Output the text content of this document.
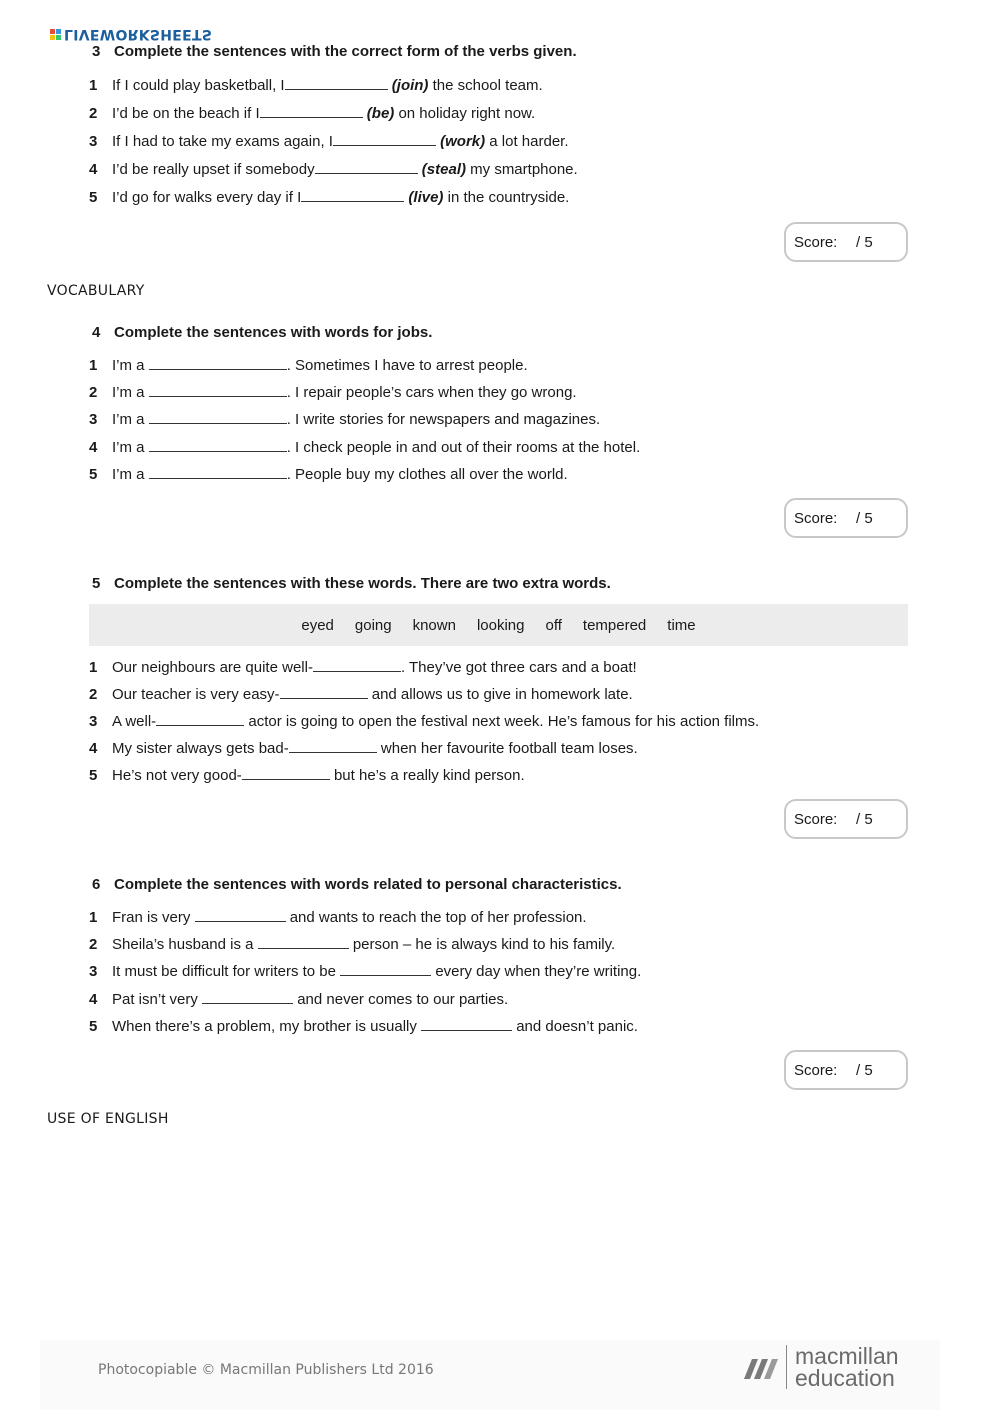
LIVEWORKSHEETS
3 Complete the sentences with the correct form of the verbs given.
1 If I could play basketball, I	(join) the school team.
2 I’d be on the beach if I	(be) on holiday right now.
3 If I had to take my exams again, I	(work) a lot harder.
4 I’d be really upset if somebody	(steal) my smartphone.
5 I’d go for walks every day if I	(live) in the countryside.
Score:	/ 5
VOCABULARY
4 Complete the sentences with words for jobs.
1 I’m a	. Sometimes I have to arrest people.
2 I’m a	. I repair people’s cars when they go wrong.
3 I’m a	. I write stories for newspapers and magazines.
4 I’m a	. I check people in and out of their rooms at the hotel.
5 I’m a	. People buy my clothes all over the world.
Score:	/ 5
5 Complete the sentences with these words. There are two extra words.
eyed going known looking off tempered time
1 Our neighbours are quite well-	. They’ve got three cars and a boat!
2 Our teacher is very easy-	and allows us to give in homework late.
3 A well-	actor is going to open the festival next week. He’s famous for his action films.
4 My sister always gets bad-	when her favourite football team loses.
5 He’s not very good-	but he’s a really kind person.
Score:	/ 5
6 Complete the sentences with words related to personal characteristics.
1 Fran is very	and wants to reach the top of her profession.
2 Sheila’s husband is a	person – he is always kind to his family.
3 It must be difficult for writers to be	every day when they’re writing.
4 Pat isn’t very	and never comes to our parties.
5 When there’s a problem, my brother is usually	and doesn’t panic.
Score:	/ 5
USE OF ENGLISH
Photocopiable © Macmillan Publishers Ltd 2016
macmillan
education
